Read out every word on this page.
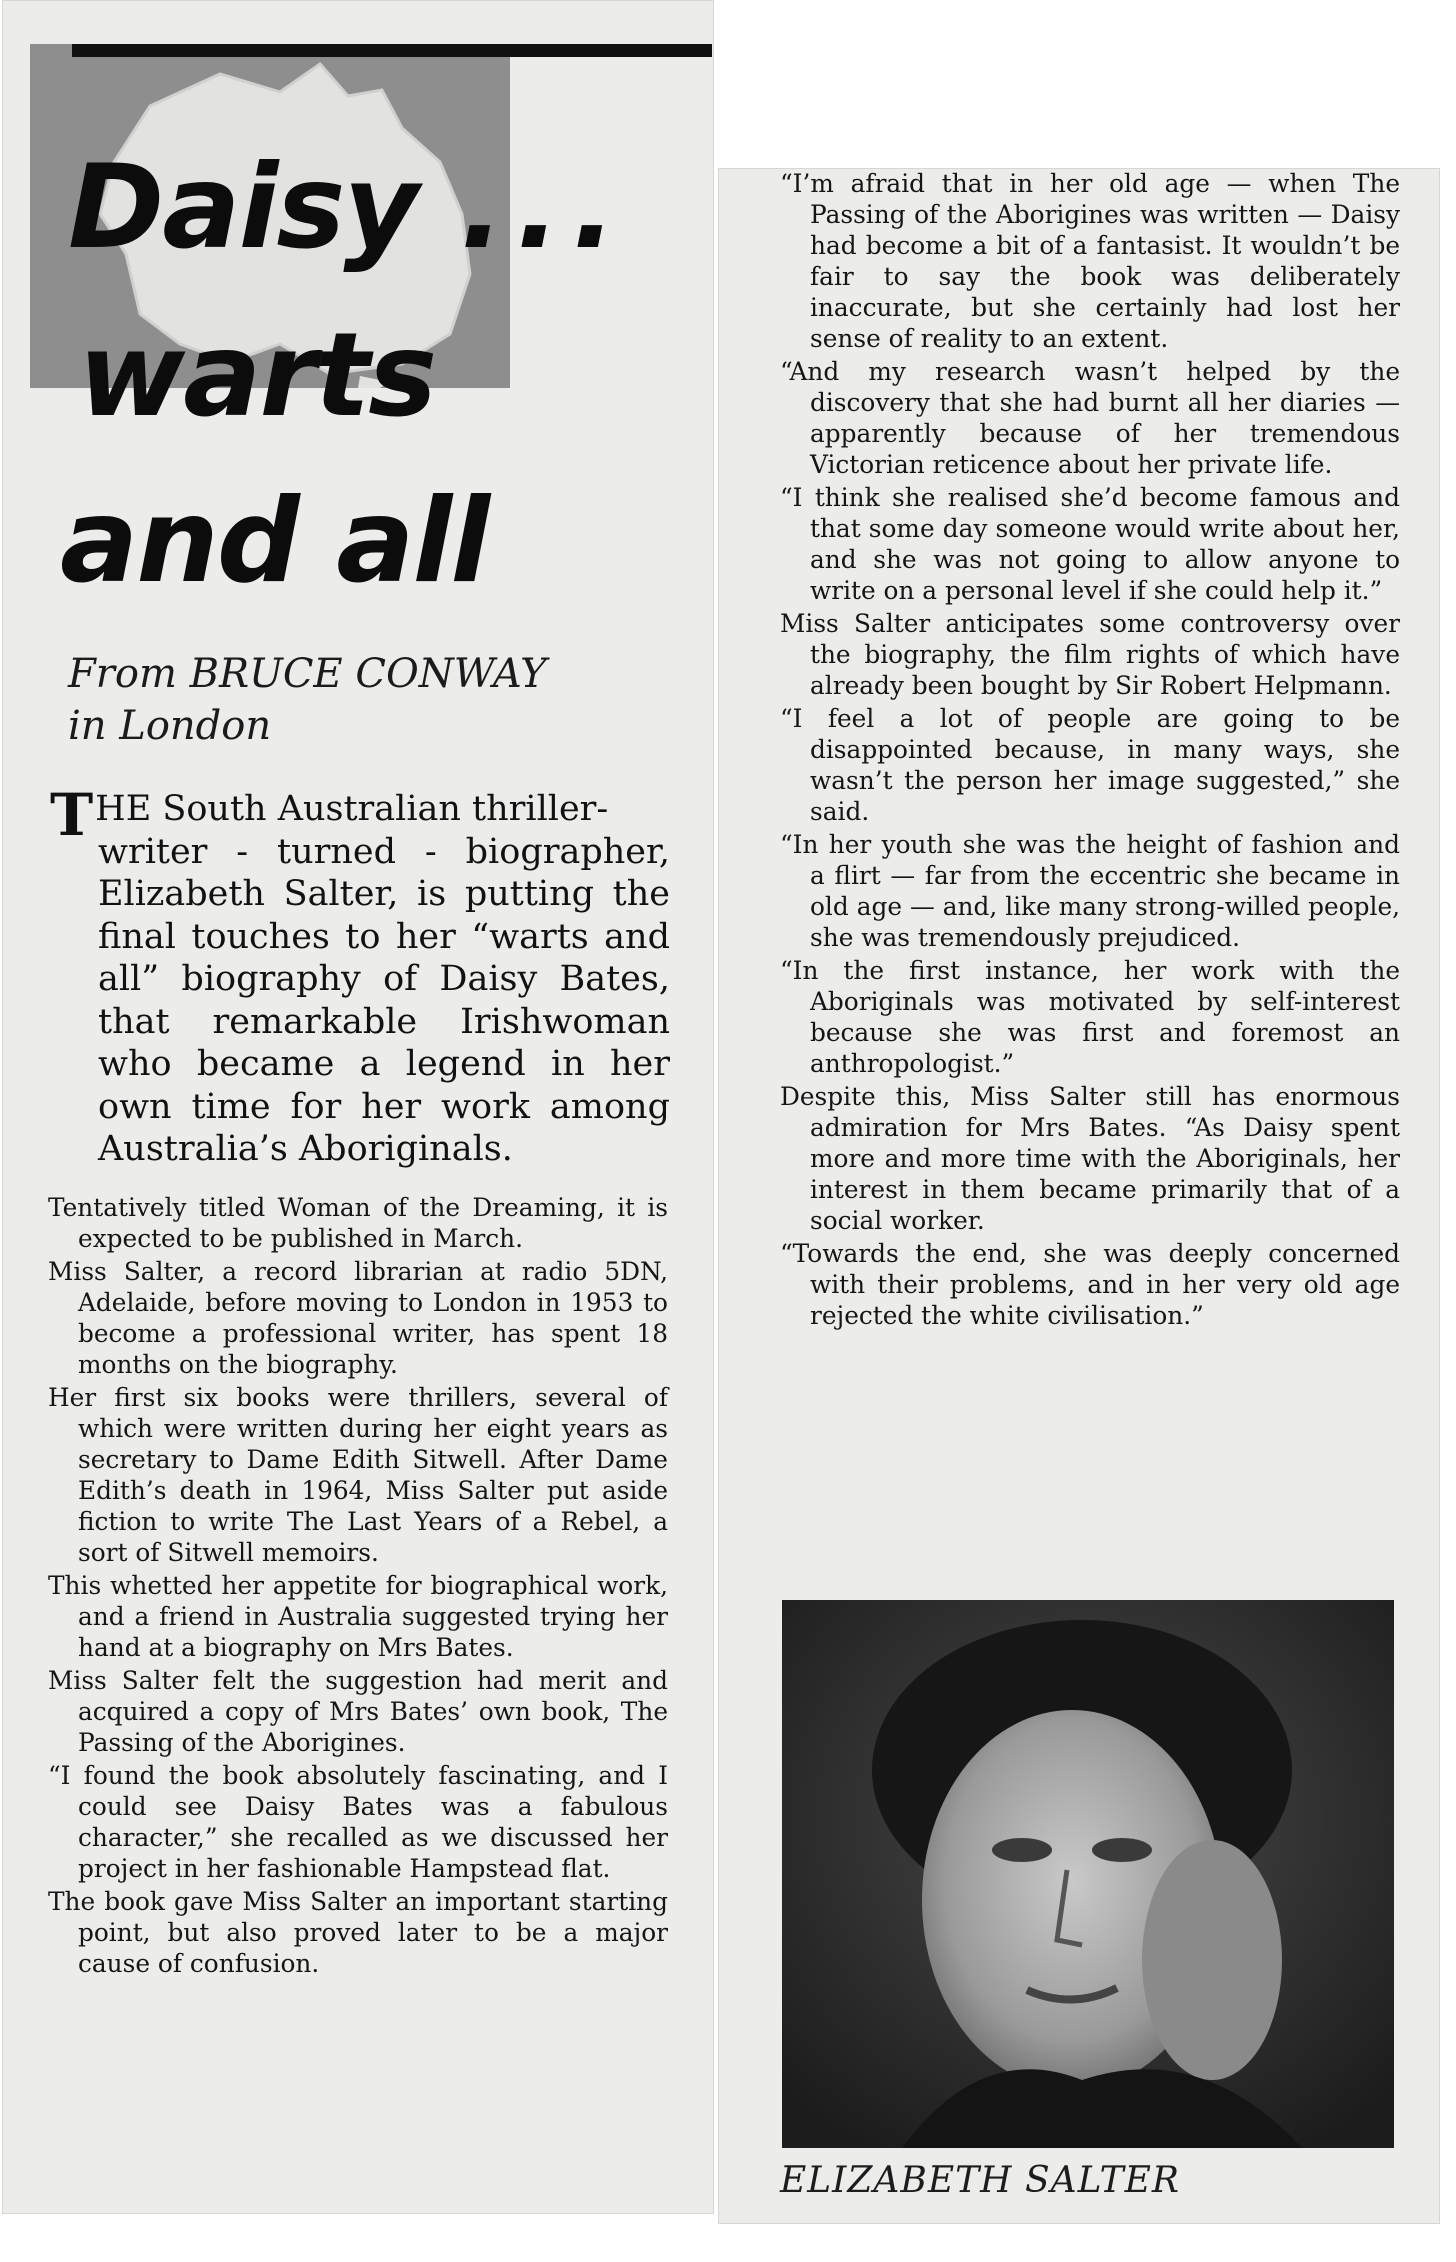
Daisy ...
warts
and all
From BRUCE CONWAY
in London

THE South Australian thriller-
writer - turned - biographer, Elizabeth Salter, is putting the final touches to her “warts and all” biography of Daisy Bates, that remarkable Irishwoman who became a legend in her own time for her work among Australia’s Aboriginals.

Tentatively titled Woman of the Dreaming, it is expected to be published in March.

Miss Salter, a record librarian at radio 5DN, Adelaide, before moving to London in 1953 to become a professional writer, has spent 18 months on the biography.

Her first six books were thrillers, several of which were written during her eight years as secretary to Dame Edith Sitwell. After Dame Edith’s death in 1964, Miss Salter put aside fiction to write The Last Years of a Rebel, a sort of Sitwell memoirs.

This whetted her appetite for biographical work, and a friend in Australia suggested trying her hand at a biography on Mrs Bates.

Miss Salter felt the suggestion had merit and acquired a copy of Mrs Bates’ own book, The Passing of the Aborigines.

“I found the book absolutely fascinating, and I could see Daisy Bates was a fabulous character,” she recalled as we discussed her project in her fashionable Hampstead flat.

The book gave Miss Salter an important starting point, but also proved later to be a major cause of confusion.

“I’m afraid that in her old age — when The Passing of the Aborigines was written — Daisy had become a bit of a fantasist. It wouldn’t be fair to say the book was deliberately inaccurate, but she certainly had lost her sense of reality to an extent.

“And my research wasn’t helped by the discovery that she had burnt all her diaries — apparently because of her tremendous Victorian reticence about her private life.

“I think she realised she’d become famous and that some day someone would write about her, and she was not going to allow anyone to write on a personal level if she could help it.”

Miss Salter anticipates some controversy over the biography, the film rights of which have already been bought by Sir Robert Helpmann.

“I feel a lot of people are going to be disappointed because, in many ways, she wasn’t the person her image suggested,” she said.

“In her youth she was the height of fashion and a flirt — far from the eccentric she became in old age — and, like many strong-willed people, she was tremendously prejudiced.

“In the first instance, her work with the Aboriginals was motivated by self-interest because she was first and foremost an anthropologist.”

Despite this, Miss Salter still has enormous admiration for Mrs Bates. “As Daisy spent more and more time with the Aboriginals, her interest in them became primarily that of a social worker.

“Towards the end, she was deeply concerned with their problems, and in her very old age rejected the white civilisation.”

ELIZABETH SALTER
